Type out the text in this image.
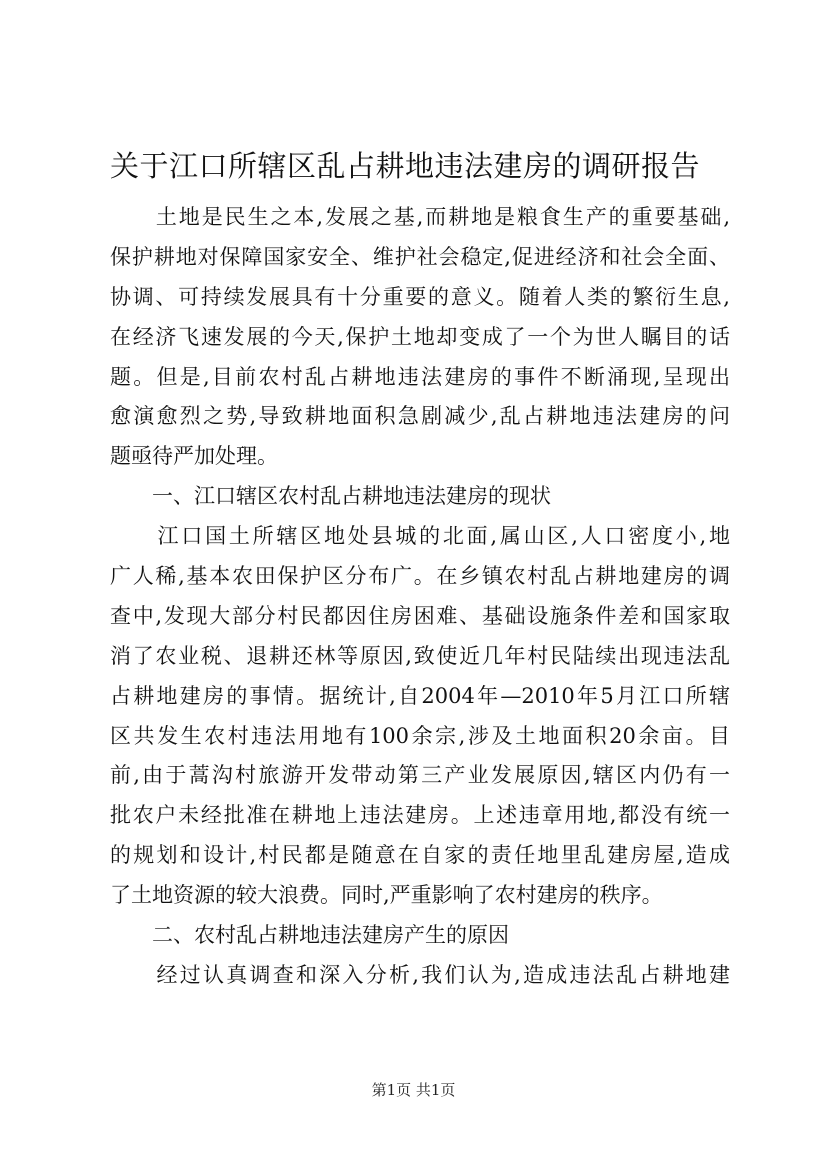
关于江口所辖区乱占耕地违法建房的调研报告
　　土地是民生之本,发展之基,而耕地是粮食生产的重要基础,
保护耕地对保障国家安全、维护社会稳定,促进经济和社会全面、
协调、可持续发展具有十分重要的意义。随着人类的繁衍生息,
在经济飞速发展的今天,保护土地却变成了一个为世人瞩目的话
题。但是,目前农村乱占耕地违法建房的事件不断涌现,呈现出
愈演愈烈之势,导致耕地面积急剧减少,乱占耕地违法建房的问
题亟待严加处理。
　　一、江口辖区农村乱占耕地违法建房的现状
　　江口国土所辖区地处县城的北面,属山区,人口密度小,地
广人稀,基本农田保护区分布广。在乡镇农村乱占耕地建房的调
查中,发现大部分村民都因住房困难、基础设施条件差和国家取
消了农业税、退耕还林等原因,致使近几年村民陆续出现违法乱
占耕地建房的事情。据统计,自2004年—2010年5月江口所辖
区共发生农村违法用地有100余宗,涉及土地面积20余亩。目
前,由于蒿沟村旅游开发带动第三产业发展原因,辖区内仍有一
批农户未经批准在耕地上违法建房。上述违章用地,都没有统一
的规划和设计,村民都是随意在自家的责任地里乱建房屋,造成
了土地资源的较大浪费。同时,严重影响了农村建房的秩序。
　　二、农村乱占耕地违法建房产生的原因
　　经过认真调查和深入分析,我们认为,造成违法乱占耕地建
第1页 共1页
